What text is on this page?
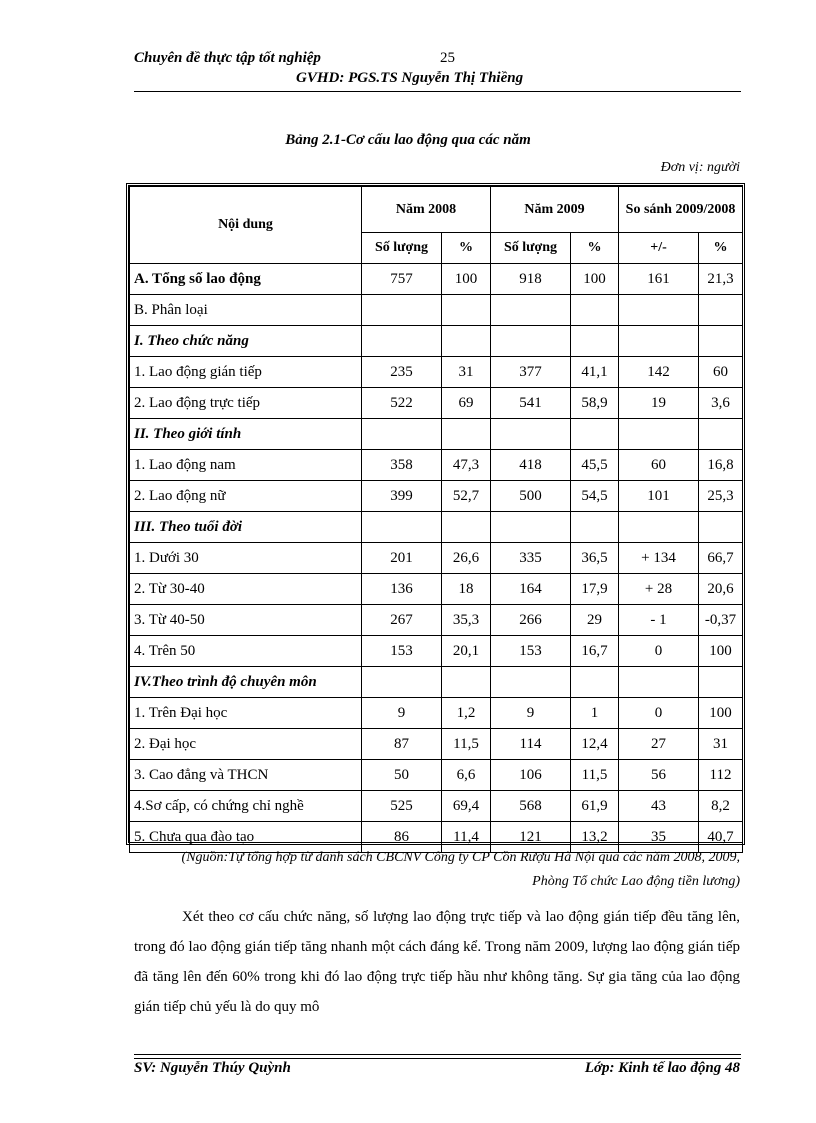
Chuyên đề thực tập tốt nghiệp	25
GVHD: PGS.TS Nguyễn Thị Thiềng
Bảng 2.1-Cơ cấu lao động qua các năm
Đơn vị: người
Nội dung	Năm 2008		Năm 2009		So sánh 2009/2008	
	Số lượng	%	Số lượng	%	+/-	%
A. Tổng số lao động	757	100	918	100	161	21,3
B. Phân loại						
I. Theo chức năng						
1. Lao động gián tiếp	235	31	377	41,1	142	60
2. Lao động trực tiếp	522	69	541	58,9	19	3,6
II. Theo giới tính						
1. Lao động nam	358	47,3	418	45,5	60	16,8
2. Lao động nữ	399	52,7	500	54,5	101	25,3
III. Theo tuổi đời						
1. Dưới 30	201	26,6	335	36,5	+ 134	66,7
2. Từ 30-40	136	18	164	17,9	+ 28	20,6
3. Từ 40-50	267	35,3	266	29	- 1	-0,37
4. Trên 50	153	20,1	153	16,7	0	100
IV.Theo trình độ chuyên môn						
1. Trên Đại học	9	1,2	9	1	0	100
2. Đại học	87	11,5	114	12,4	27	31
3. Cao đẳng và THCN	50	6,6	106	11,5	56	112
4.Sơ cấp, có chứng chỉ nghề	525	69,4	568	61,9	43	8,2
5. Chưa qua đào tạo	86	11,4	121	13,2	35	40,7
(Nguồn:Tự tổng hợp từ danh sách CBCNV Công ty CP Cồn Rượu Hà Nội qua các năm 2008, 2009, Phòng Tổ chức Lao động tiền lương)
Xét theo cơ cấu chức năng, số lượng lao động trực tiếp và lao động gián tiếp đều tăng lên, trong đó lao động gián tiếp tăng nhanh một cách đáng kể. Trong năm 2009, lượng lao động gián tiếp đã tăng lên đến 60% trong khi đó lao động trực tiếp hầu như không tăng. Sự gia tăng của lao động gián tiếp chủ yếu là do quy mô
SV: Nguyễn Thúy Quỳnh	Lớp: Kinh tế lao động 48
